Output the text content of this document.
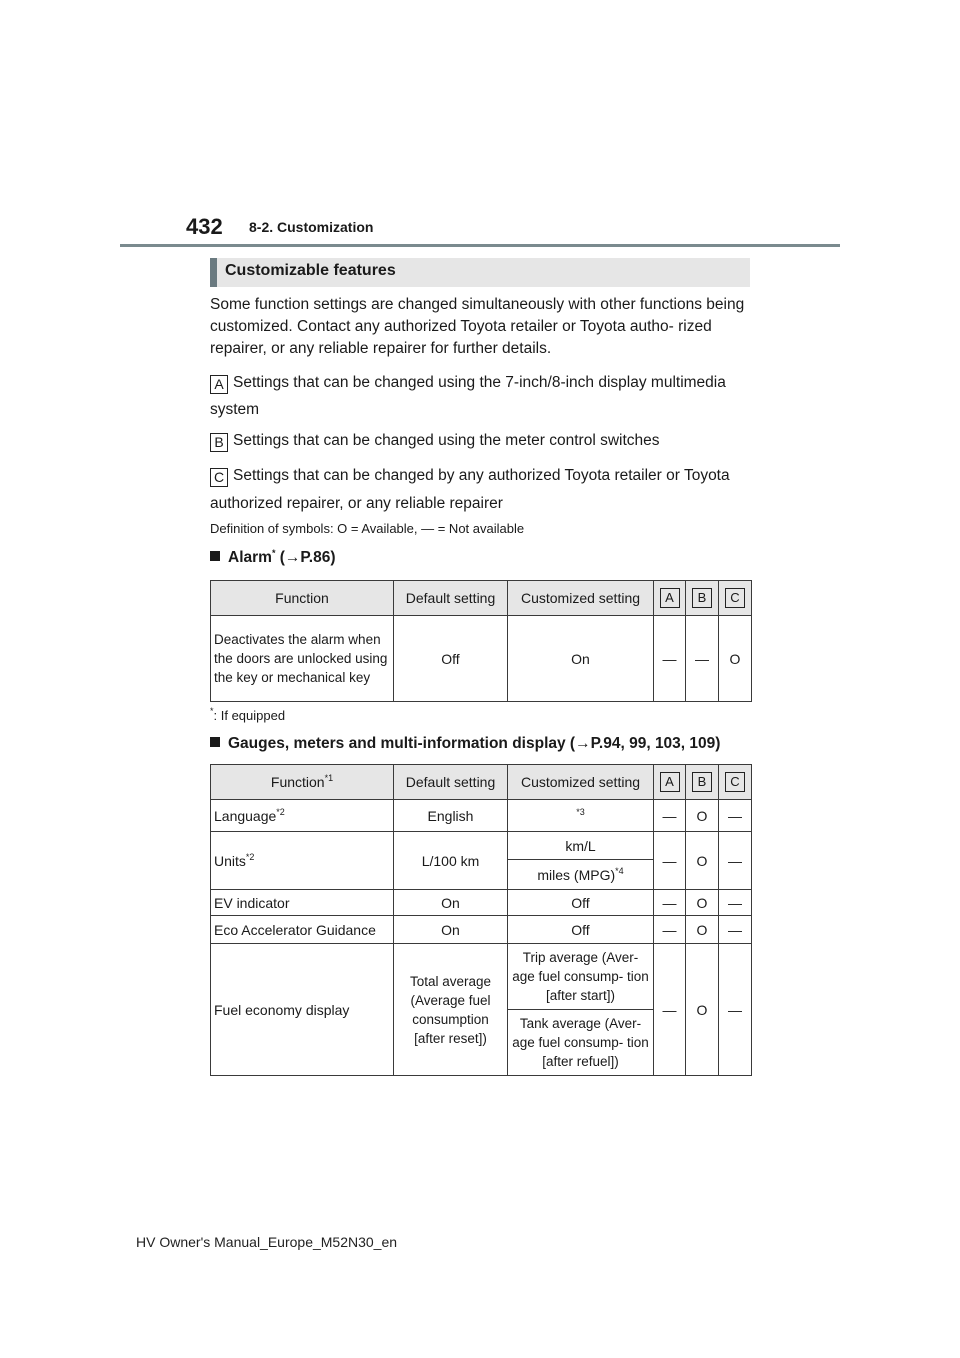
432 8-2. Customization
Customizable features
Some function settings are changed simultaneously with other functions being customized. Contact any authorized Toyota retailer or Toyota autho- rized repairer, or any reliable repairer for further details.
A Settings that can be changed using the 7-inch/8-inch display multimedia
system
B Settings that can be changed using the meter control switches
C Settings that can be changed by any authorized Toyota retailer or Toyota
authorized repairer, or any reliable repairer
Definition of symbols: O = Available, — = Not available
Alarm* (→P.86)
Function	Default setting	Customized setting	A	B	C
Deactivates the alarm when the doors are unlocked using the key or mechanical key	Off	On	—	—	O
*: If equipped
Gauges, meters and multi-information display (→P.94, 99, 103, 109)
Function$^{*1}$	Default setting	Customized setting	A	B	C
Language$^{*2}$	English	$^{*3}$	—	O	—
Units$^{*2}$	L/100 km	km/L	—	O	—
		miles (MPG)$^{*4}$
EV indicator	On	Off	—	O	—
Eco Accelerator Guidance	On	Off	—	O	—
Fuel economy display	Total average (Average fuel consumption [after reset])	Trip average (Aver- age fuel consump- tion [after start])	—	O	—
		Tank average (Aver- age fuel consump- tion [after refuel])			
HV Owner's Manual_Europe_M52N30_en
